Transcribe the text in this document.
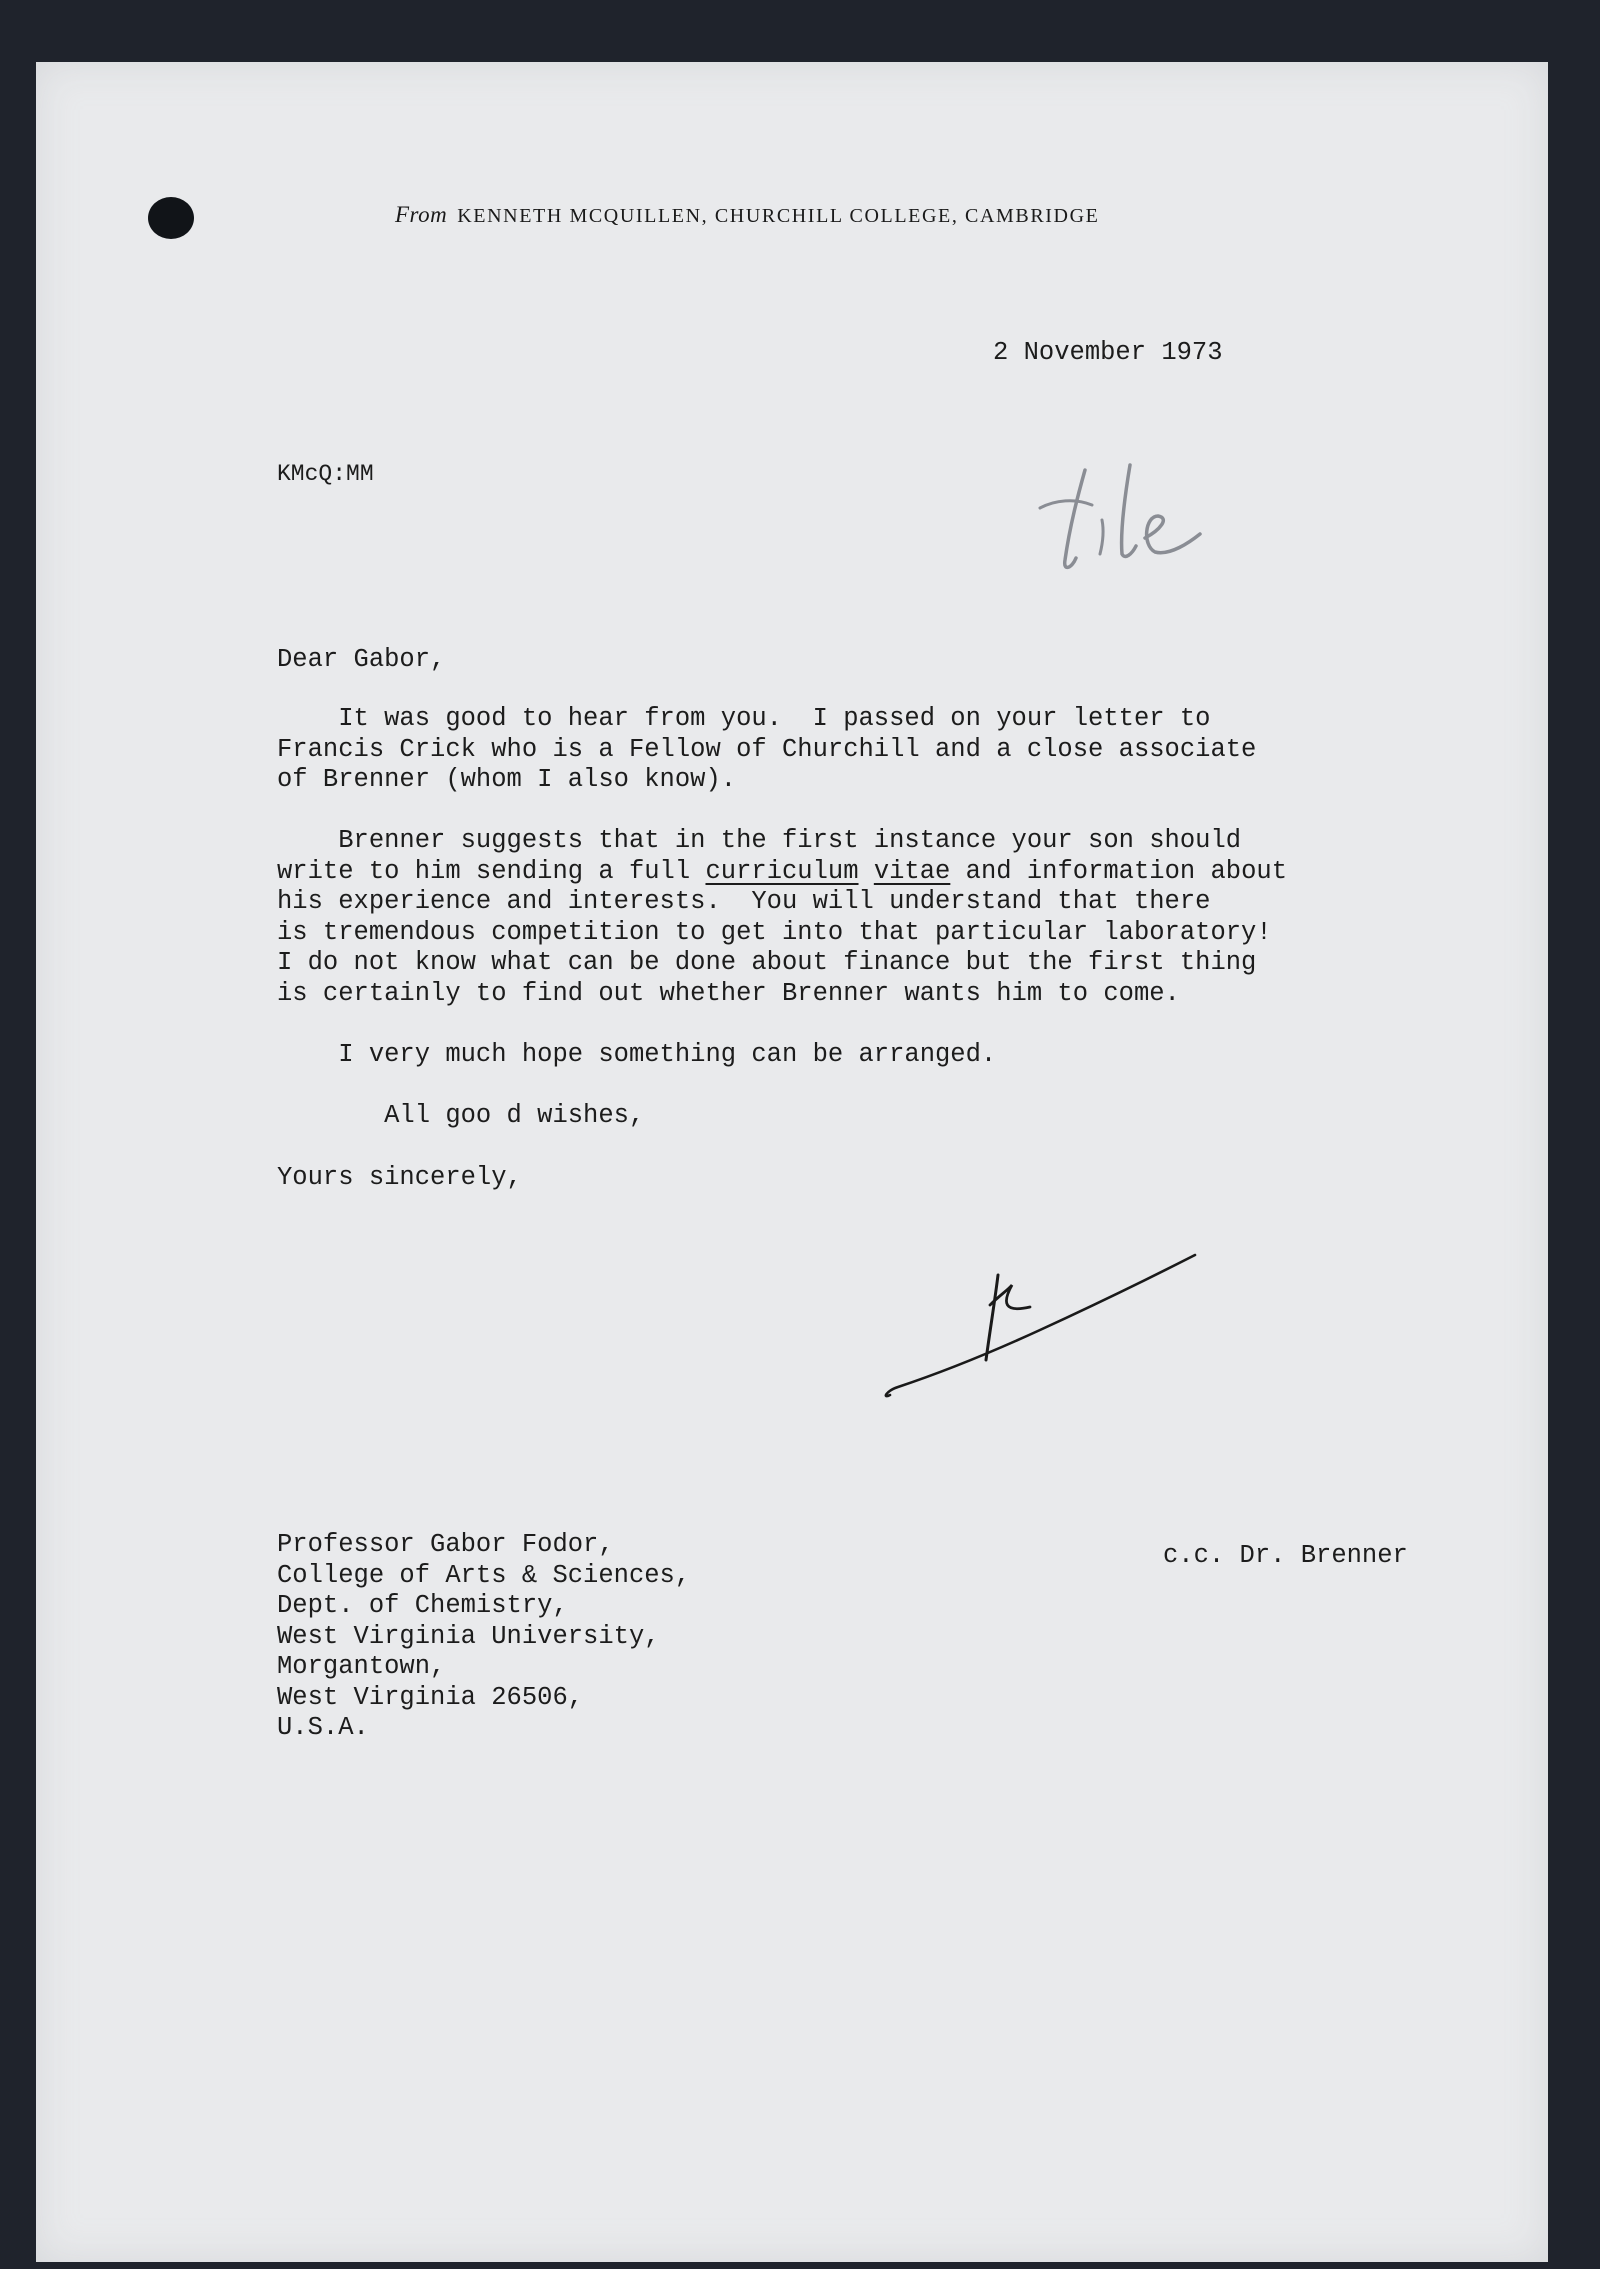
From KENNETH MCQUILLEN, CHURCHILL COLLEGE, CAMBRIDGE
2 November 1973
KMcQ:MM
Dear Gabor,
It was good to hear from you.  I passed on your letter to
Francis Crick who is a Fellow of Churchill and a close associate
of Brenner (whom I also know).
Brenner suggests that in the first instance your son should
write to him sending a full curriculum vitae and information about
his experience and interests.  You will understand that there
is tremendous competition to get into that particular laboratory!
I do not know what can be done about finance but the first thing
is certainly to find out whether Brenner wants him to come.
I very much hope something can be arranged.
All goo d wishes,
Yours sincerely,
Professor Gabor Fodor,
College of Arts & Sciences,
Dept. of Chemistry,
West Virginia University,
Morgantown,
West Virginia 26506,
U.S.A.
c.c. Dr. Brenner
